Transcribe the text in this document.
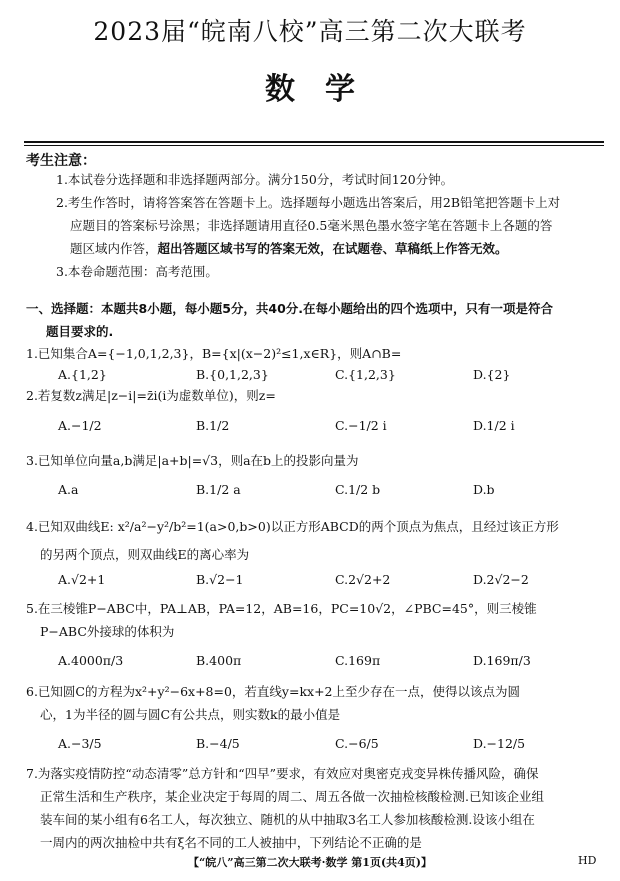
2023届“皖南八校”高三第二次大联考
数学
考生注意：
1.本试卷分选择题和非选择题两部分。满分150分，考试时间120分钟。
2.考生作答时，请将答案答在答题卡上。选择题每小题选出答案后，用2B铅笔把答题卡上对
应题目的答案标号涂黑；非选择题请用直径0.5毫米黑色墨水签字笔在答题卡上各题的答
题区域内作答，超出答题区域书写的答案无效，在试题卷、草稿纸上作答无效。
3.本卷命题范围：高考范围。
一、选择题：本题共8小题，每小题5分，共40分.在每小题给出的四个选项中，只有一项是符合
题目要求的.
1.已知集合A={−1,0,1,2,3}，B={x|(x−2)²≤1,x∈R}，则A∩B=
A.{1,2}	B.{0,1,2,3}	C.{1,2,3}	D.{2}
2.若复数z满足|z−i|=z̄i(i为虚数单位)，则z=
A.−1/2	B.1/2	C.−1/2 i	D.1/2 i
3.已知单位向量a,b满足|a+b|=√3，则a在b上的投影向量为
A.a	B.1/2 a	C.1/2 b	D.b
4.已知双曲线E: x²/a²−y²/b²=1(a>0,b>0)以正方形ABCD的两个顶点为焦点，且经过该正方形
的另两个顶点，则双曲线E的离心率为
A.√2+1	B.√2−1	C.2√2+2	D.2√2−2
5.在三棱锥P−ABC中，PA⊥AB，PA=12，AB=16，PC=10√2，∠PBC=45°，则三棱锥
P−ABC外接球的体积为
A.4000π/3	B.400π	C.169π	D.169π/3
6.已知圆C的方程为x²+y²−6x+8=0，若直线y=kx+2上至少存在一点，使得以该点为圆
心，1为半径的圆与圆C有公共点，则实数k的最小值是
A.−3/5	B.−4/5	C.−6/5	D.−12/5
7.为落实疫情防控“动态清零”总方针和“四早”要求，有效应对奥密克戎变异株传播风险，确保
正常生活和生产秩序，某企业决定于每周的周二、周五各做一次抽检核酸检测.已知该企业组
装车间的某小组有6名工人，每次独立、随机的从中抽取3名工人参加核酸检测.设该小组在
一周内的两次抽检中共有ξ名不同的工人被抽中，下列结论不正确的是
【“皖八”高三第二次大联考·数学 第1页(共4页)】	HD
